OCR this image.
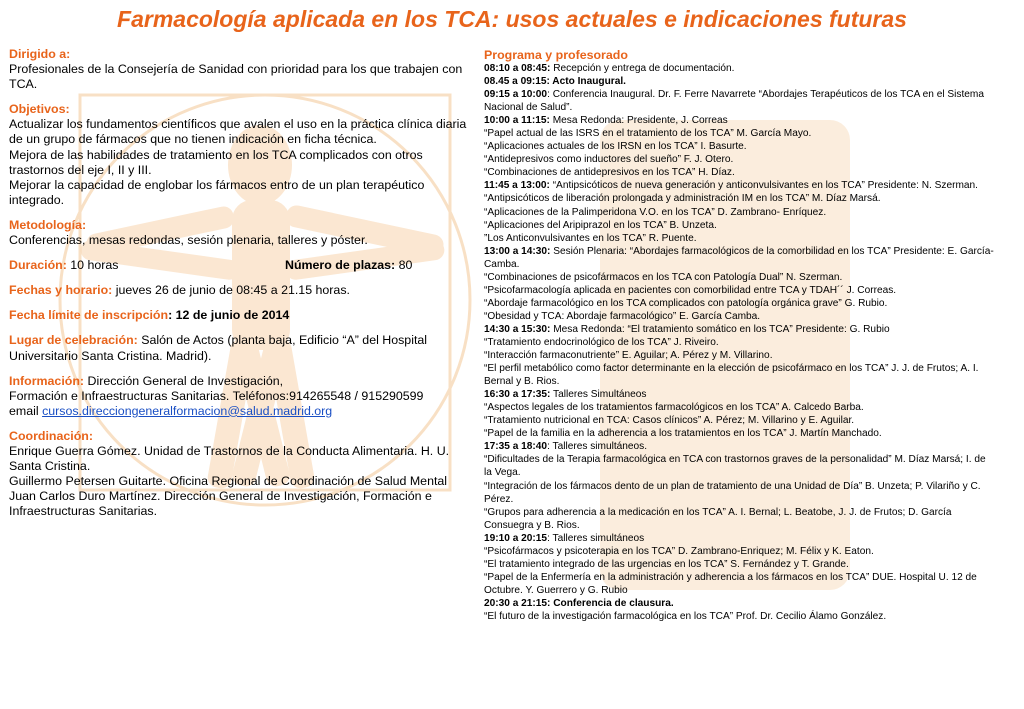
Farmacología aplicada en los TCA: usos actuales e indicaciones futuras
Dirigido a:
Profesionales de la Consejería de Sanidad con prioridad para los que trabajen con TCA.
Objetivos:
Actualizar los fundamentos científicos que avalen el uso en la práctica clínica diaria de un grupo de fármacos que no tienen indicación en ficha técnica.
Mejora de las habilidades de tratamiento en los TCA complicados con otros trastornos del eje I, II y III.
Mejorar la capacidad de englobar los fármacos entro de un plan terapéutico integrado.
Metodología:
Conferencias, mesas redondas, sesión plenaria, talleres y póster.
Duración: 10 horas	Número de plazas: 80
Fechas y horario: jueves 26 de junio de 08:45 a 21.15 horas.
Fecha límite de inscripción: 12 de junio de 2014
Lugar de celebración: Salón de Actos (planta baja, Edificio “A” del Hospital Universitario Santa Cristina. Madrid).
Información: Dirección General de Investigación,
Formación e Infraestructuras Sanitarias. Teléfonos:914265548 / 915290599
email cursos.direcciongeneralformacion@salud.madrid.org
Coordinación:
Enrique Guerra Gómez. Unidad de Trastornos de la Conducta Alimentaria. H. U. Santa Cristina.
Guillermo Petersen Guitarte. Oficina Regional de Coordinación de Salud Mental
Juan Carlos Duro Martínez. Dirección General de Investigación, Formación e Infraestructuras Sanitarias.
Programa y profesorado
08:10 a 08:45: Recepción y entrega de documentación.
08.45 a 09:15: Acto Inaugural.
09:15 a 10:00: Conferencia Inaugural. Dr. F. Ferre Navarrete “Abordajes Terapéuticos de los TCA en el Sistema Nacional de Salud”.
10:00 a 11:15: Mesa Redonda: Presidente, J. Correas
“Papel actual de las ISRS en el tratamiento de los TCA” M. García Mayo.
“Aplicaciones actuales de los IRSN en los TCA” I. Basurte.
“Antidepresivos como inductores del sueño” F. J. Otero.
“Combinaciones de antidepresivos en los TCA” H. Díaz.
11:45 a 13:00: “Antipsicóticos de nueva generación y anticonvulsivantes en los TCA” Presidente: N. Szerman.
“Antipsicóticos de liberación prolongada y administración IM en los TCA” M. Díaz Marsá.
“Aplicaciones de la Palimperidona V.O. en los TCA” D. Zambrano- Enríquez.
“Aplicaciones del Aripiprazol en los TCA” B. Unzeta.
”Los Anticonvulsivantes en los TCA” R. Puente.
13:00 a 14:30: Sesión Plenaria: “Abordajes farmacológicos de la comorbilidad en los TCA” Presidente: E. García-Camba.
“Combinaciones de psicofármacos en los TCA con Patología Dual” N. Szerman.
“Psicofarmacología aplicada en pacientes con comorbilidad entre TCA y TDAH´´ J. Correas.
“Abordaje farmacológico en los TCA complicados con patología orgánica grave” G. Rubio.
“Obesidad y TCA: Abordaje farmacológico” E. García Camba.
14:30 a 15:30: Mesa Redonda: “El tratamiento somático en los TCA” Presidente: G. Rubio
“Tratamiento endocrinológico de los TCA” J. Riveiro.
“Interacción farmaconutriente” E. Aguilar; A. Pérez y M. Villarino.
“El perfil metabólico como factor determinante en la elección de psicofármaco en los TCA” J. J. de Frutos; A. I. Bernal y B. Rios.
16:30 a 17:35: Talleres Simultáneos
“Aspectos legales de los tratamientos farmacológicos en los TCA” A. Calcedo Barba.
“Tratamiento nutricional en TCA: Casos clínicos” A. Pérez; M. Villarino y E. Aguilar.
“Papel de la familia en la adherencia a los tratamientos en los TCA” J. Martín Manchado.
17:35 a 18:40: Talleres simultáneos.
“Dificultades de la Terapia farmacológica en TCA con trastornos graves de la personalidad” M. Díaz Marsá; I. de la Vega.
“Integración de los fármacos dento de un plan de tratamiento de una Unidad de Día” B. Unzeta; P. Vilariño y C. Pérez.
“Grupos para adherencia a la medicación en los TCA” A. I. Bernal; L. Beatobe, J. J. de Frutos; D. García Consuegra y B. Rios.
19:10 a 20:15: Talleres simultáneos
“Psicofármacos y psicoterapia en los TCA” D. Zambrano-Enriquez; M. Félix y K. Eaton.
“El tratamiento integrado de las urgencias en los TCA” S. Fernández y T. Grande.
“Papel de la Enfermería en la administración y adherencia a los fármacos en los TCA” DUE. Hospital U. 12 de Octubre. Y. Guerrero y G. Rubio
20:30 a 21:15: Conferencia de clausura.
“El futuro de la investigación farmacológica en los TCA” Prof. Dr. Cecilio Álamo González.
